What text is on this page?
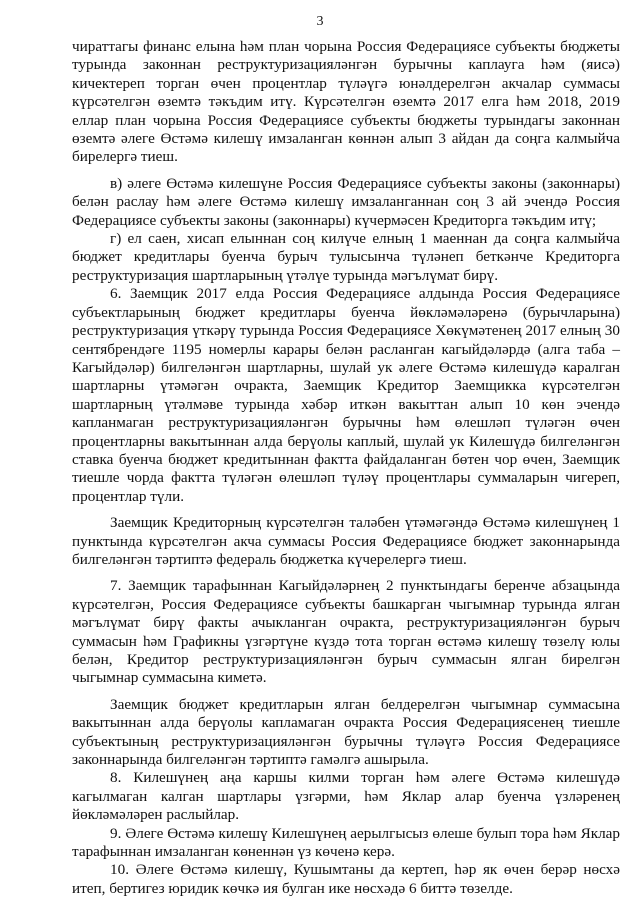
3

чираттагы финанс елына һәм план чорына Россия Федерациясе субъекты бюджеты турында законнан реструктуризацияләнгән бурычны каплауга һәм (яисә) кичектереп торган өчен процентлар түләүгә юнәлдерелгән акчалар суммасы күрсәтелгән өземтә тәкъдим итү. Күрсәтелгән өземтә 2017 елга һәм 2018, 2019 еллар план чорына Россия Федерациясе субъекты бюджеты турындагы законнан өземтә әлеге Өстәмә килешү имзаланган көннән алып 3 айдан да соңга калмыйча бирелергә тиеш.

в) әлеге Өстәмә килешүне Россия Федерациясе субъекты законы (законнары) белән раслау һәм әлеге Өстәмә килешү имзаланганнан соң 3 ай эчендә Россия Федерациясе субъекты законы (законнары) күчермәсен Кредиторга тәкъдим итү;

г) ел саен, хисап елыннан соң килүче елның 1 маеннан да соңга калмыйча бюджет кредитлары буенча бурыч тулысынча түләнеп беткәнче Кредиторга реструктуризация шартларының үтәлүе турында мәгълүмат бирү.

6. Заемщик 2017 елда Россия Федерациясе алдында Россия Федерациясе субъектларының бюджет кредитлары буенча йөкләмәләренә (бурычларына) реструктуризация үткәрү турында Россия Федерациясе Хөкүмәтенең 2017 елның 30 сентябрендәге 1195 номерлы карары белән расланган кагыйдәләрдә (алга таба – Кагыйдәләр) билгеләнгән шартларны, шулай ук әлеге Өстәмә килешүдә каралган шартларны үтәмәгән очракта, Заемщик Кредитор Заемщикка күрсәтелгән шартларның үтәлмәве турында хәбәр иткән вакыттан алып 10 көн эчендә капланмаган реструктуризацияләнгән бурычны һәм өлешләп түләгән өчен процентларны вакытыннан алда берүолы каплый, шулай ук Килешүдә билгеләнгән ставка буенча бюджет кредитыннан фактта файдаланган бөтен чор өчен, Заемщик тиешле чорда фактта түләгән өлешләп түләү процентлары суммаларын чигереп, процентлар түли.

Заемщик Кредиторның күрсәтелгән таләбен үтәмәгәндә Өстәмә килешүнең 1 пунктында күрсәтелгән акча суммасы Россия Федерациясе бюджет законнарында билгеләнгән тәртиптә федераль бюджетка күчерелергә тиеш.

7. Заемщик тарафыннан Кагыйдәләрнең 2 пунктындагы беренче абзацында күрсәтелгән, Россия Федерациясе субъекты башкарган чыгымнар турында ялган мәгълүмат бирү факты ачыкланган очракта, реструктуризацияләнгән бурыч суммасын һәм Графикны үзгәртүне күздә тота торган өстәмә килешү төзелү юлы белән, Кредитор реструктуризацияләнгән бурыч суммасын ялган бирелгән чыгымнар суммасына киметә.

Заемщик бюджет кредитларын ялган белдерелгән чыгымнар суммасына вакытыннан алда берүолы капламаган очракта Россия Федерациясенең тиешле субъектының реструктуризацияләнгән бурычны түләүгә Россия Федерациясе законнарында билгеләнгән тәртиптә гамәлгә ашырыла.

8. Килешүнең аңа каршы килми торган һәм әлеге Өстәмә килешүдә кагылмаган калган шартлары үзгәрми, һәм Яклар алар буенча үзләренең йөкләмәләрен раслыйлар.

9. Әлеге Өстәмә килешү Килешүнең аерылгысыз өлеше булып тора һәм Яклар тарафыннан имзаланган көненнән үз көченә керә.

10. Әлеге Өстәмә килешү, Кушымтаны да кертеп, һәр як өчен берәр нөсхә итеп, бертигез юридик көчкә ия булган ике нөсхәдә 6 биттә төзелде.
